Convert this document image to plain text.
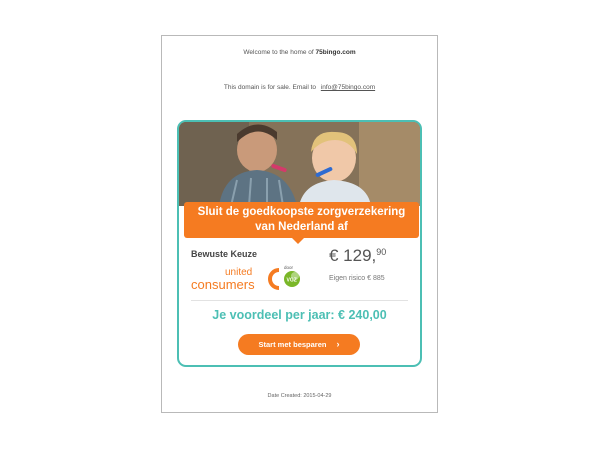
Welcome to the home of 75bingo.com
This domain is for sale. Email to info@75bingo.com
Sluit de goedkoopste zorgverzekering
van Nederland af
Bewuste Keuze
united
consumers
door
VGZ
€ 129,90
Eigen risico € 885
Je voordeel per jaar: € 240,00
Start met besparen ›
Date Created: 2015-04-29
